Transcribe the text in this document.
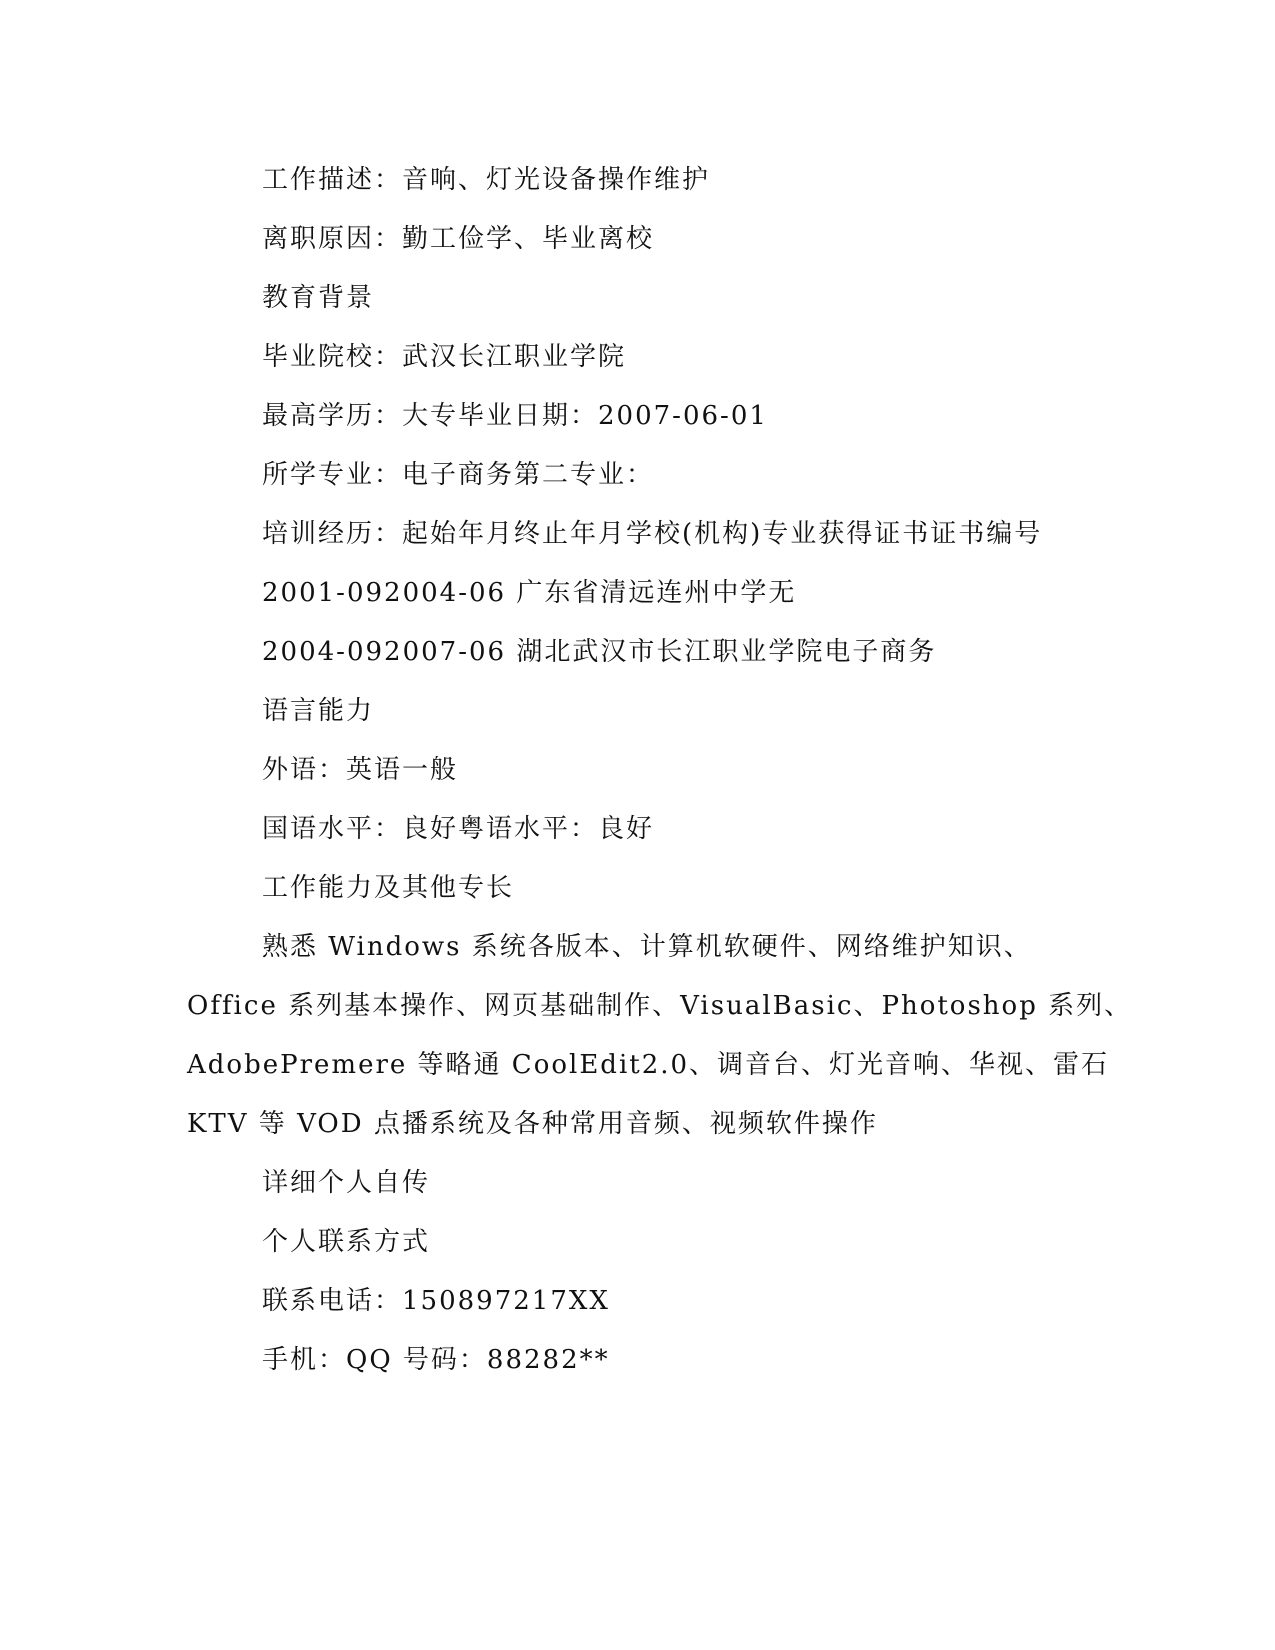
工作描述：音响、灯光设备操作维护

离职原因：勤工俭学、毕业离校

教育背景

毕业院校：武汉长江职业学院

最高学历：大专毕业日期：2007-06-01

所学专业：电子商务第二专业：

培训经历：起始年月终止年月学校(机构)专业获得证书证书编号

2001-092004-06 广东省清远连州中学无

2004-092007-06 湖北武汉市长江职业学院电子商务

语言能力

外语：英语一般

国语水平：良好粤语水平：良好

工作能力及其他专长

熟悉 Windows 系统各版本、计算机软硬件、网络维护知识、

Office 系列基本操作、网页基础制作、VisualBasic、Photoshop 系列、

AdobePremere 等略通 CoolEdit2.0、调音台、灯光音响、华视、雷石

KTV 等 VOD 点播系统及各种常用音频、视频软件操作

详细个人自传

个人联系方式

联系电话：150897217XX

手机：QQ 号码：88282**
